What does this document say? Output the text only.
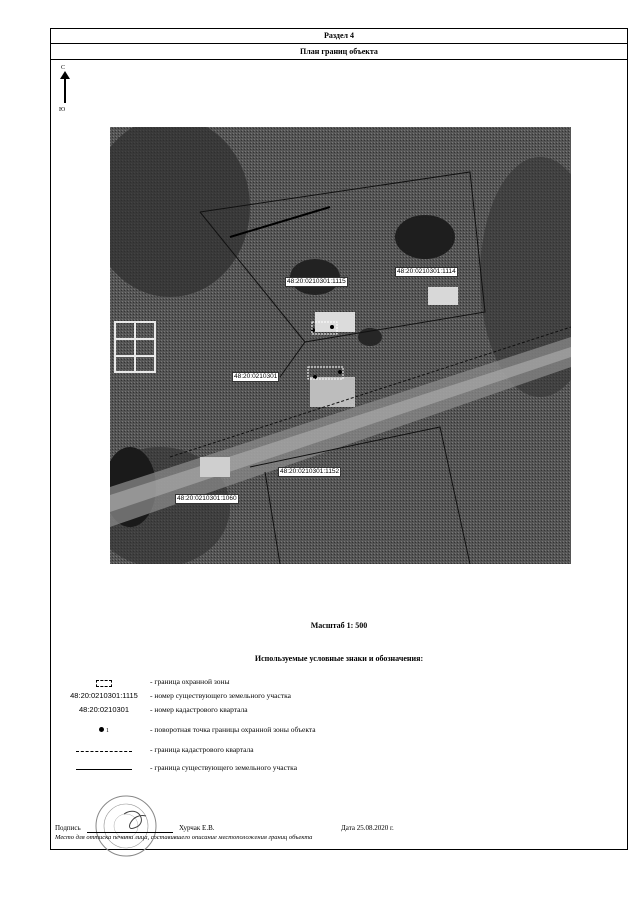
Раздел 4
План границ объекта
С
Ю
48:20:0210301:1114
48:20:0210301:1115
48:20:0210301
48:20:0210301:1152
48:20:0210301:1060
Масштаб 1: 500
Используемые условные знаки и обозначения:
- граница охранной зоны
48:20:0210301:1115	- номер существующего земельного участка
48:20:0210301	- номер кадастрового квартала
1	- поворотная точка границы охранной зоны объекта
- граница кадастрового квартала
- граница существующего земельного участка
Подпись	Хурчак Е.В.	Дата 25.08.2020 г.
Место для оттиска печати лица, составившего описание местоположения границ объекта
